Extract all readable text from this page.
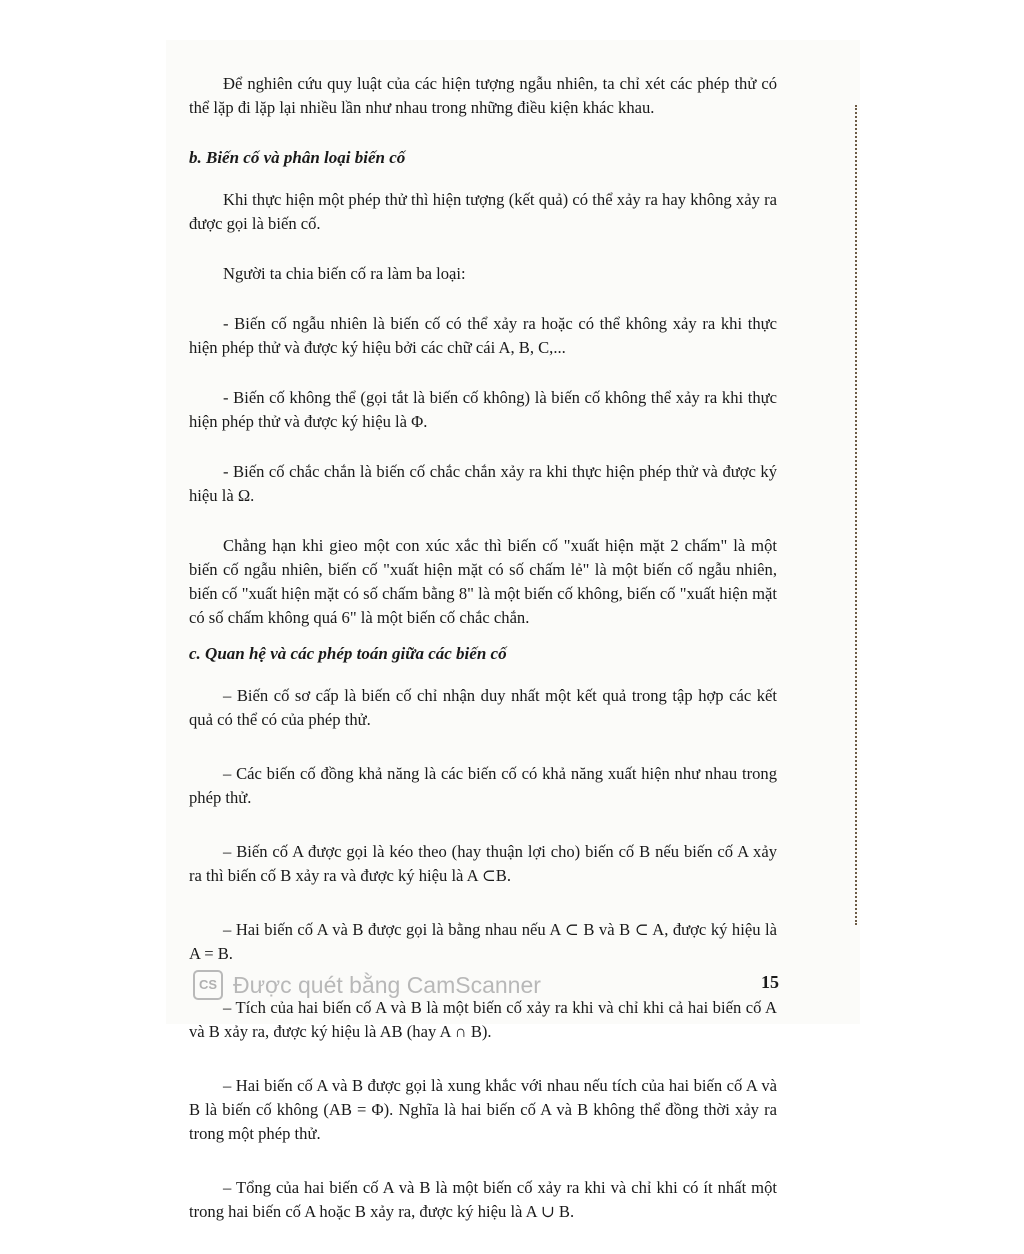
Để nghiên cứu quy luật của các hiện tượng ngẫu nhiên, ta chỉ xét các phép thử có thể lặp đi lặp lại nhiều lần như nhau trong những điều kiện khác khau.

b. Biến cố và phân loại biến cố

Khi thực hiện một phép thử thì hiện tượng (kết quả) có thể xảy ra hay không xảy ra được gọi là biến cố.

Người ta chia biến cố ra làm ba loại:

- Biến cố ngẫu nhiên là biến cố có thể xảy ra hoặc có thể không xảy ra khi thực hiện phép thử và được ký hiệu bởi các chữ cái A, B, C,...

- Biến cố không thể (gọi tắt là biến cố không) là biến cố không thể xảy ra khi thực hiện phép thử và được ký hiệu là Φ.

- Biến cố chắc chắn là biến cố chắc chắn xảy ra khi thực hiện phép thử và được ký hiệu là Ω.

Chẳng hạn khi gieo một con xúc xắc thì biến cố "xuất hiện mặt 2 chấm" là một biến cố ngẫu nhiên, biến cố "xuất hiện mặt có số chấm lẻ" là một biến cố ngẫu nhiên, biến cố "xuất hiện mặt có số chấm bằng 8" là một biến cố không, biến cố "xuất hiện mặt có số chấm không quá 6" là một biến cố chắc chắn.

c. Quan hệ và các phép toán giữa các biến cố

– Biến cố sơ cấp là biến cố chỉ nhận duy nhất một kết quả trong tập hợp các kết quả có thể có của phép thử.

– Các biến cố đồng khả năng là các biến cố có khả năng xuất hiện như nhau trong phép thử.

– Biến cố A được gọi là kéo theo (hay thuận lợi cho) biến cố B nếu biến cố A xảy ra thì biến cố B xảy ra và được ký hiệu là A ⊂B.

– Hai biến cố A và B được gọi là bằng nhau nếu A ⊂ B và B ⊂ A, được ký hiệu là A = B.

– Tích của hai biến cố A và B là một biến cố xảy ra khi và chỉ khi cả hai biến cố A và B xảy ra, được ký hiệu là AB (hay A ∩ B).

– Hai biến cố A và B được gọi là xung khắc với nhau nếu tích của hai biến cố A và B là biến cố không (AB = Φ). Nghĩa là hai biến cố A và B không thể đồng thời xảy ra trong một phép thử.

– Tổng của hai biến cố A và B là một biến cố xảy ra khi và chỉ khi có ít nhất một trong hai biến cố A hoặc B xảy ra, được ký hiệu là A ∪ B.

CS Được quét bằng CamScanner	15
